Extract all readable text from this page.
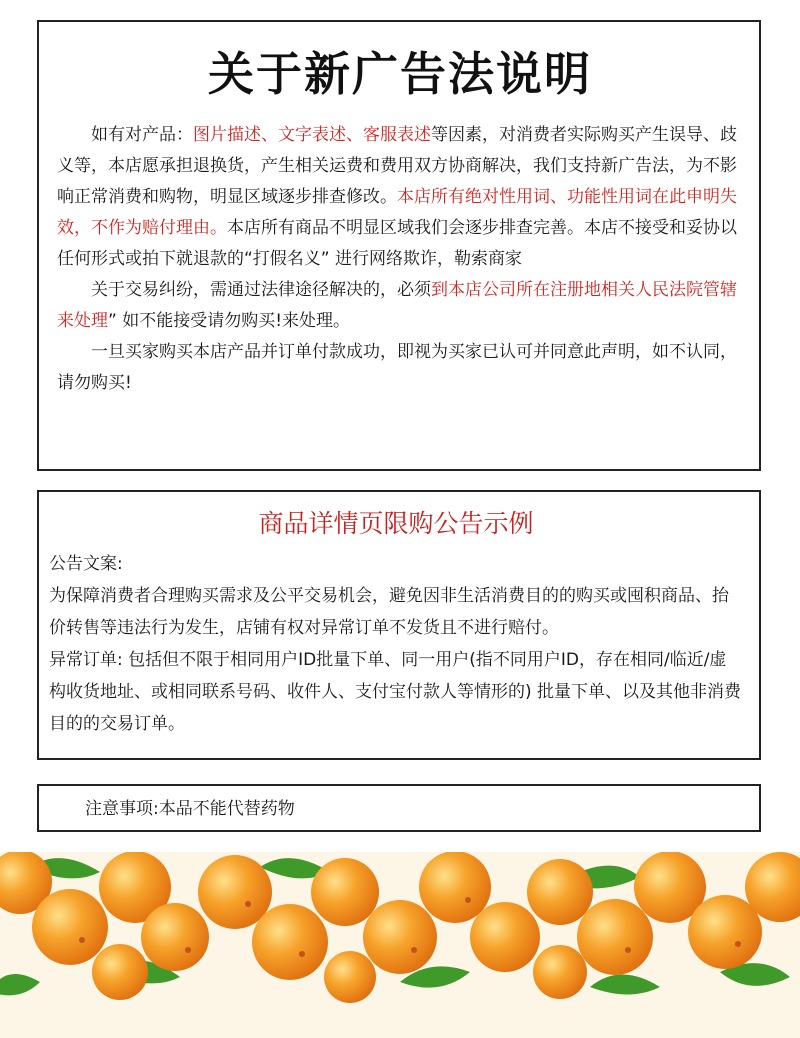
关于新广告法说明

如有对产品：图片描述、文字表述、客服表述等因素，对消费者实际购买产生误导、歧义等，本店愿承担退换货，产生相关运费和费用双方协商解决，我们支持新广告法，为不影响正常消费和购物，明显区域逐步排查修改。本店所有绝对性用词、功能性用词在此申明失效，不作为赔付理由。本店所有商品不明显区域我们会逐步排查完善。本店不接受和妥协以任何形式或拍下就退款的“打假名义” 进行网络欺诈，勒索商家

关于交易纠纷，需通过法律途径解决的，必须到本店公司所在注册地相关人民法院管辖来处理” 如不能接受请勿购买!来处理。

一旦买家购买本店产品并订单付款成功，即视为买家已认可并同意此声明，如不认同，请勿购买!

商品详情页限购公告示例

公告文案:

为保障消费者合理购买需求及公平交易机会，避免因非生活消费目的的购买或囤积商品、抬价转售等违法行为发生，店铺有权对异常订单不发货且不进行赔付。

异常订单: 包括但不限于相同用户ID批量下单、同一用户(指不同用户ID，存在相同/临近/虚构收货地址、或相同联系号码、收件人、支付宝付款人等情形的) 批量下单、以及其他非消费目的的交易订单。

注意事项:本品不能代替药物
